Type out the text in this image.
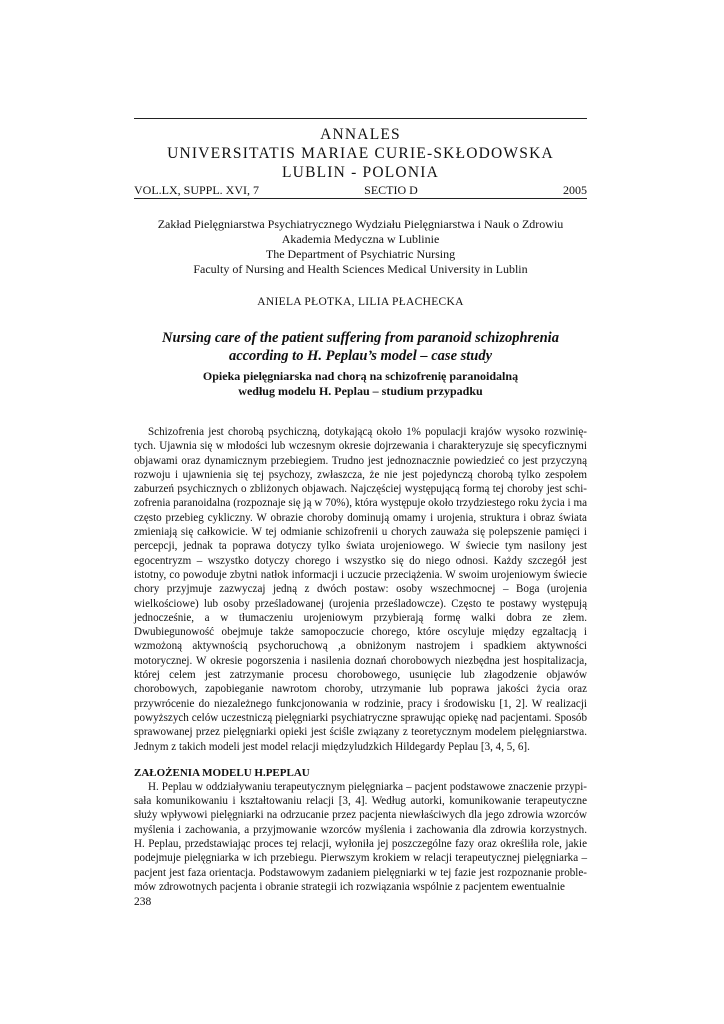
ANNALES
UNIVERSITATIS MARIAE CURIE-SKŁODOWSKA
LUBLIN - POLONIA
VOL.LX, SUPPL. XVI, 7	SECTIO D	2005
Zakład Pielęgniarstwa Psychiatrycznego Wydziału Pielęgniarstwa i Nauk o Zdrowiu
Akademia Medyczna w Lublinie
The Department of Psychiatric Nursing
Faculty of Nursing and Health Sciences Medical University in Lublin
ANIELA PŁOTKA, LILIA PŁACHECKA
Nursing care of the patient suffering from paranoid schizophrenia
according to H. Peplau’s model – case study
Opieka pielęgniarska nad chorą na schizofrenię paranoidalną
według modelu H. Peplau – studium przypadku

Schizofrenia jest chorobą psychiczną, dotykającą około 1% populacji krajów wysoko rozwiniętych. Ujawnia się w młodości lub wczesnym okresie dojrzewania i charakteryzuje się specyficznymi objawami oraz dynamicznym przebiegiem. Trudno jest jednoznacznie powiedzieć co jest przyczyną rozwoju i ujawnienia się tej psychozy, zwłaszcza, że nie jest pojedynczą chorobą tylko zespołem zaburzeń psychicznych o zbliżonych objawach. Najczęściej występującą formą tej choroby jest schizofrenia paranoidalna (rozpoznaje się ją w 70%), która występuje około trzydziestego roku życia i ma często przebieg cykliczny. W obrazie choroby dominują omamy i urojenia, struktura i obraz świata zmieniają się całkowicie. W tej odmianie schizofrenii u chorych zauważa się polepszenie pamięci i percepcji, jednak ta poprawa dotyczy tylko świata urojeniowego. W świecie tym nasilony jest egocentryzm – wszystko dotyczy chorego i wszystko się do niego odnosi. Każdy szczegół jest istotny, co powoduje zbytni natłok informacji i uczucie przeciążenia. W swoim urojeniowym świecie chory przyjmuje zazwyczaj jedną z dwóch postaw: osoby wszechmocnej – Boga (urojenia wielkościowe) lub osoby prześladowanej (urojenia prześladowcze). Często te postawy występują jednocześnie, a w tłumaczeniu urojeniowym przybierają formę walki dobra ze złem. Dwubiegunowość obejmuje także samopoczucie chorego, które oscyluje między egzaltacją i wzmożoną aktywnością psychoruchową ,a obniżonym nastrojem i spadkiem aktywności motorycznej. W okresie pogorszenia i nasilenia doznań chorobowych niezbędna jest hospitalizacja, której celem jest zatrzymanie procesu chorobowego, usunięcie lub złagodzenie objawów chorobowych, zapobieganie nawrotom choroby, utrzymanie lub poprawa jakości życia oraz przywrócenie do niezależnego funkcjonowania w rodzinie, pracy i środowisku [1, 2]. W realizacji powyższych celów uczestniczą pielęgniarki psychiatryczne sprawując opiekę nad pacjentami. Sposób sprawowanej przez pielęgniarki opieki jest ściśle związany z teoretycznym modelem pielęgniarstwa. Jednym z takich modeli jest model relacji międzyludzkich Hildegardy Peplau [3, 4, 5, 6].

ZAŁOŻENIA MODELU H.PEPLAU

H. Peplau w oddziaływaniu terapeutycznym pielęgniarka – pacjent podstawowe znaczenie przypisała komunikowaniu i kształtowaniu relacji [3, 4]. Według autorki, komunikowanie terapeutyczne służy wpływowi pielęgniarki na odrzucanie przez pacjenta niewłaściwych dla jego zdrowia wzorców myślenia i zachowania, a przyjmowanie wzorców myślenia i zachowania dla zdrowia korzystnych. H. Peplau, przedstawiając proces tej relacji, wyłoniła jej poszczególne fazy oraz określiła role, jakie podejmuje pielęgniarka w ich przebiegu. Pierwszym krokiem w relacji terapeutycznej pielęgniarka – pacjent jest faza orientacja. Podstawowym zadaniem pielęgniarki w tej fazie jest rozpoznanie problemów zdrowotnych pacjenta i obranie strategii ich rozwiązania wspólnie z pacjentem ewentualnie

238
